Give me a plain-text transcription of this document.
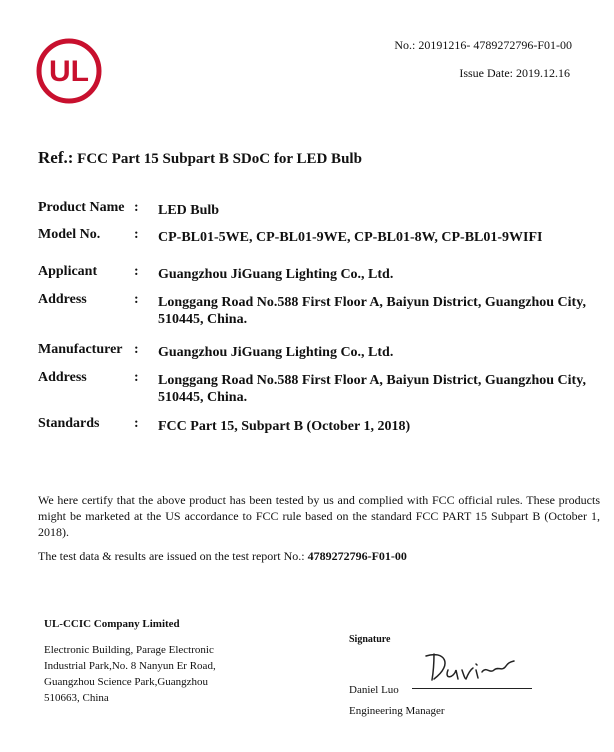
UL
No.: 20191216- 4789272796-F01-00
Issue Date: 2019.12.16
Ref.: FCC Part 15 Subpart B SDoC for LED Bulb
Product Name : LED Bulb
Model No. : CP-BL01-5WE, CP-BL01-9WE, CP-BL01-8W, CP-BL01-9WIFI
Applicant	: Guangzhou JiGuang Lighting Co., Ltd.
Address	: Longgang Road No.588 First Floor A, Baiyun District, Guangzhou City, 510445, China.
Manufacturer : Guangzhou JiGuang Lighting Co., Ltd.
Address	: Longgang Road No.588 First Floor A, Baiyun District, Guangzhou City, 510445, China.
Standards : FCC Part 15, Subpart B (October 1, 2018)
We here certify that the above product has been tested by us and complied with FCC official rules. These products might be marketed at the US accordance to FCC rule based on the standard FCC PART 15 Subpart B (October 1, 2018).
The test data & results are issued on the test report No.: 4789272796-F01-00
UL-CCIC Company Limited
Electronic Building, Parage Electronic Industrial Park,No. 8 Nanyun Er Road, Guangzhou Science Park,Guangzhou 510663, China
Signature
Daniel Luo
Engineering Manager
